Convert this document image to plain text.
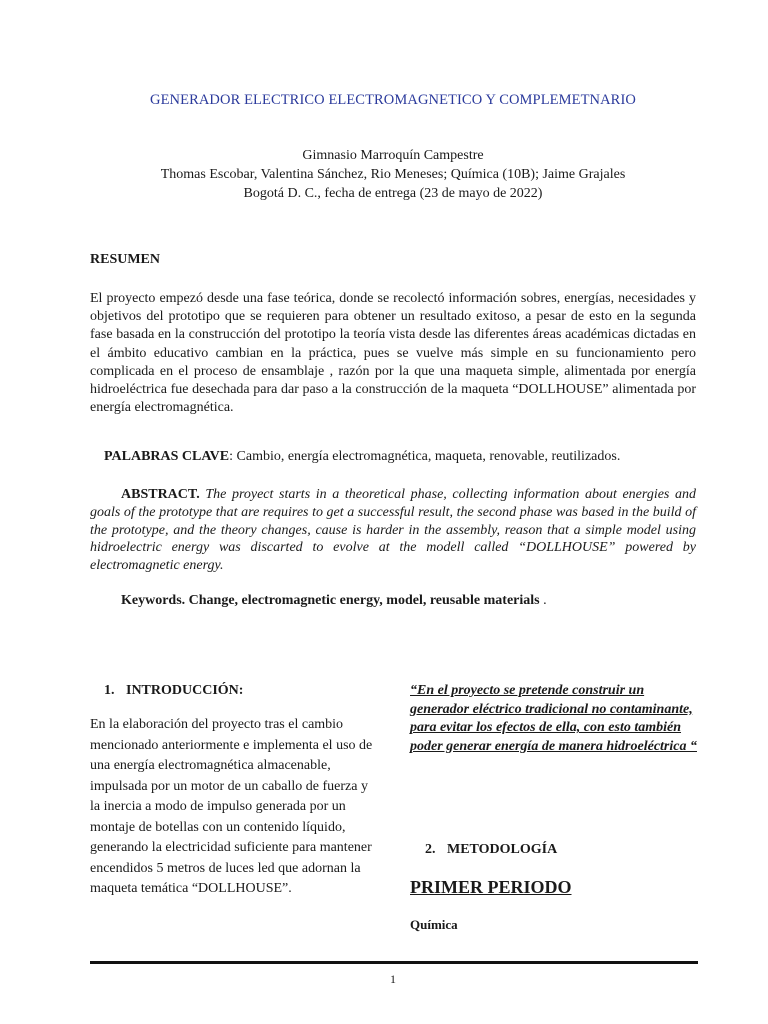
GENERADOR ELECTRICO ELECTROMAGNETICO Y COMPLEMETNARIO
Gimnasio Marroquín Campestre
Thomas Escobar, Valentina Sánchez, Rio Meneses; Química (10B); Jaime Grajales
Bogotá D. C., fecha de entrega (23 de mayo de 2022)
RESUMEN
El proyecto empezó desde una fase teórica, donde se recolectó información sobres, energías, necesidades y objetivos del prototipo que se requieren para obtener un resultado exitoso, a pesar de esto en la segunda fase basada en la construcción del prototipo la teoría vista desde las diferentes áreas académicas dictadas en el ámbito educativo cambian en la práctica, pues se vuelve más simple en su funcionamiento pero complicada en el proceso de ensamblaje , razón por la que una maqueta simple, alimentada por energía hidroeléctrica fue desechada para dar paso a la construcción de la maqueta “DOLLHOUSE” alimentada por energía electromagnética.
PALABRAS CLAVE: Cambio, energía electromagnética, maqueta, renovable, reutilizados.
ABSTRACT. The proyect starts in a theoretical phase, collecting information about energies and goals of the prototype that are requires to get a successful result, the second phase was based in the build of the prototype, and the theory changes, cause is harder in the assembly, reason that a simple model using hidroelectric energy was discarted to evolve at the modell called “DOLLHOUSE” powered by electromagnetic energy.
Keywords. Change, electromagnetic energy, model, reusable materials .
1. INTRODUCCIÓN:
En la elaboración del proyecto tras el cambio mencionado anteriormente e implementa el uso de una energía electromagnética almacenable, impulsada por un motor de un caballo de fuerza y la inercia a modo de impulso generada por un montaje de botellas con un contenido líquido, generando la electricidad suficiente para mantener encendidos 5 metros de luces led que adornan la maqueta temática “DOLLHOUSE”.
“En el proyecto se pretende construir un generador eléctrico tradicional no contaminante, para evitar los efectos de ella, con esto también poder generar energía de manera hidroeléctrica “
2. METODOLOGÍA
PRIMER PERIODO
Química
1
